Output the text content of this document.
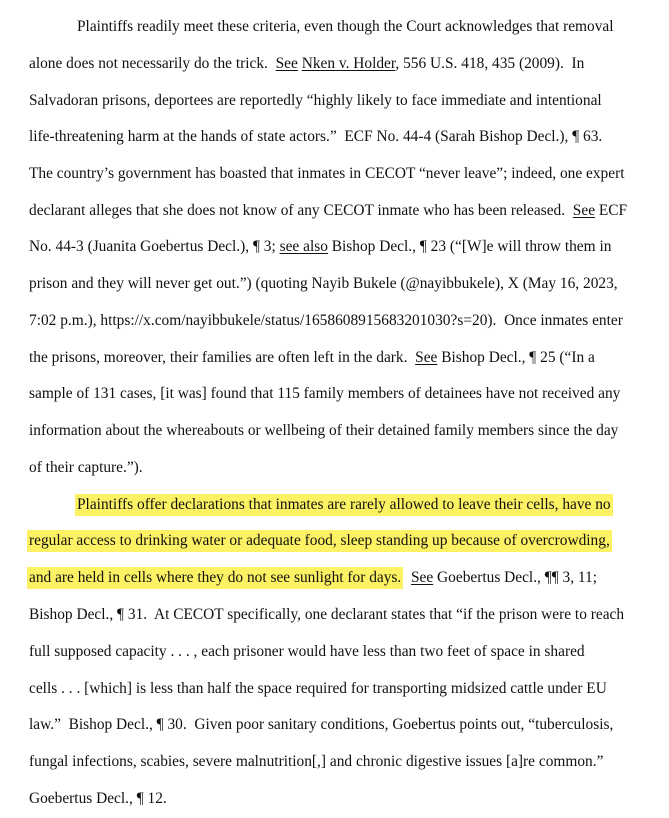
Plaintiffs readily meet these criteria, even though the Court acknowledges that removal
alone does not necessarily do the trick.  See Nken v. Holder, 556 U.S. 418, 435 (2009).  In
Salvadoran prisons, deportees are reportedly “highly likely to face immediate and intentional
life-threatening harm at the hands of state actors.”  ECF No. 44-4 (Sarah Bishop Decl.), ¶ 63.
The country’s government has boasted that inmates in CECOT “never leave”; indeed, one expert
declarant alleges that she does not know of any CECOT inmate who has been released.  See ECF
No. 44-3 (Juanita Goebertus Decl.), ¶ 3; see also Bishop Decl., ¶ 23 (“[W]e will throw them in
prison and they will never get out.”) (quoting Nayib Bukele (@nayibbukele), X (May 16, 2023,
7:02 p.m.), https://x.com/nayibbukele/status/1658608915683201030?s=20).  Once inmates enter
the prisons, moreover, their families are often left in the dark.  See Bishop Decl., ¶ 25 (“In a
sample of 131 cases, [it was] found that 115 family members of detainees have not received any
information about the whereabouts or wellbeing of their detained family members since the day
of their capture.”).
Plaintiffs offer declarations that inmates are rarely allowed to leave their cells, have no
regular access to drinking water or adequate food, sleep standing up because of overcrowding,
and are held in cells where they do not see sunlight for days. See Goebertus Decl., ¶¶ 3, 11;
Bishop Decl., ¶ 31.  At CECOT specifically, one declarant states that “if the prison were to reach
full supposed capacity . . . , each prisoner would have less than two feet of space in shared
cells . . . [which] is less than half the space required for transporting midsized cattle under EU
law.”  Bishop Decl., ¶ 30.  Given poor sanitary conditions, Goebertus points out, “tuberculosis,
fungal infections, scabies, severe malnutrition[,] and chronic digestive issues [a]re common.”
Goebertus Decl., ¶ 12.
